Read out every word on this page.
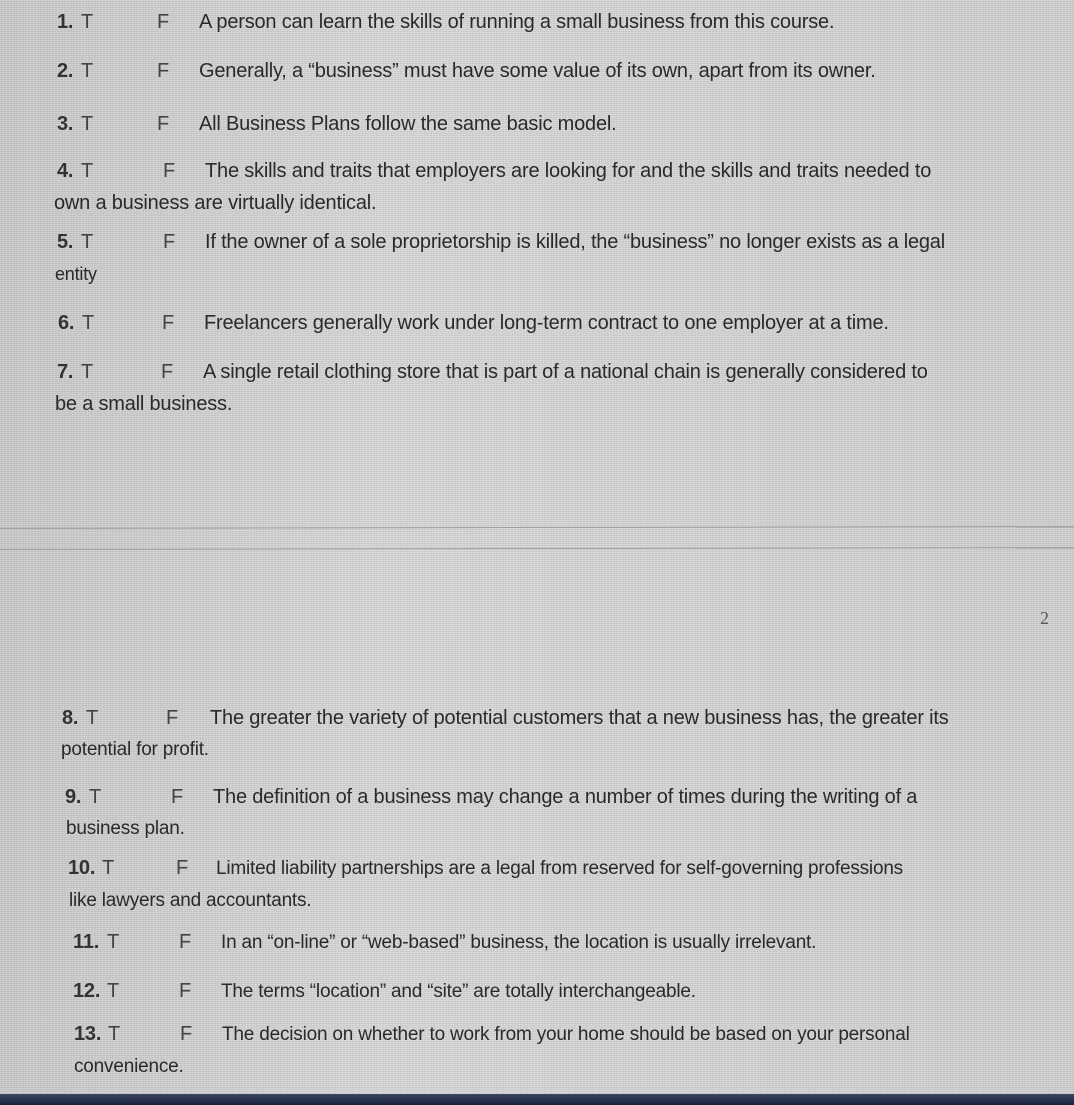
1. T	F A person can learn the skills of running a small business from this course.
2. T	F Generally, a “business” must have some value of its own, apart from its owner.
3. T	F All Business Plans follow the same basic model.
4. T	F The skills and traits that employers are looking for and the skills and traits needed to
own a business are virtually identical.
5. T	F If the owner of a sole proprietorship is killed, the “business” no longer exists as a legal
entity
6. T	F Freelancers generally work under long-term contract to one employer at a time.
7. T	F A single retail clothing store that is part of a national chain is generally considered to
be a small business.
2
8. T	F The greater the variety of potential customers that a new business has, the greater its
potential for profit.
9. T	F The definition of a business may change a number of times during the writing of a
business plan.
10. T	F Limited liability partnerships are a legal from reserved for self-governing professions
like lawyers and accountants.
11. T	F In an “on-line” or “web-based” business, the location is usually irrelevant.
12. T	F The terms “location” and “site” are totally interchangeable.
13. T	F The decision on whether to work from your home should be based on your personal
convenience.
